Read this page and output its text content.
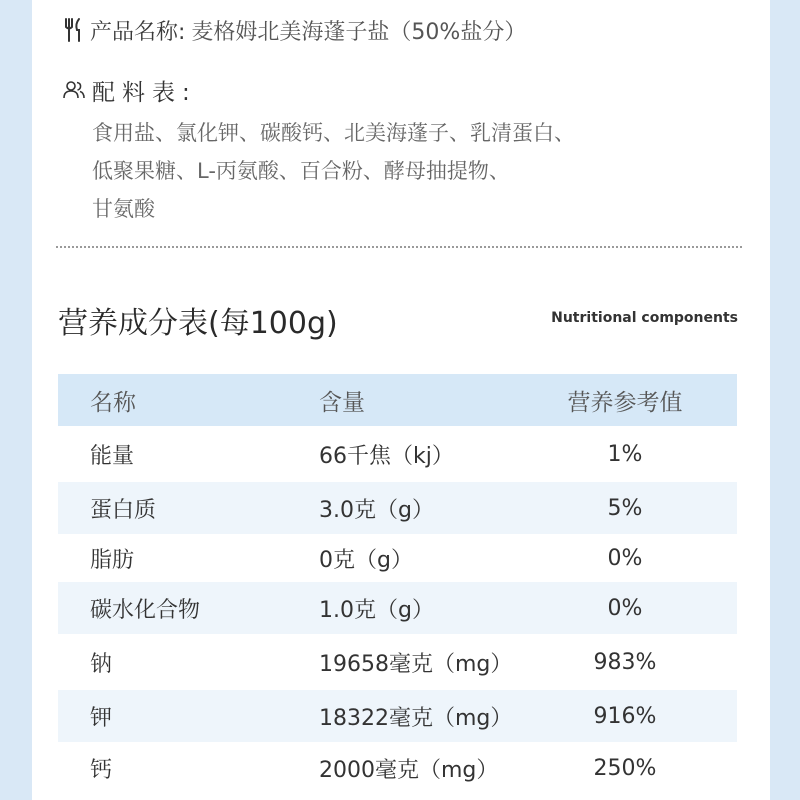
产品名称: 麦格姆北美海蓬子盐（50%盐分）
配料表:
食用盐、氯化钾、碳酸钙、北美海蓬子、乳清蛋白、
低聚果糖、L-丙氨酸、百合粉、酵母抽提物、
甘氨酸
营养成分表(每100g)	Nutritional components
名称	含量	营养参考值
能量	66千焦（kj）	1%
蛋白质	3.0克（g）	5%
脂肪	0克（g）	0%
碳水化合物	1.0克（g）	0%
钠	19658毫克（mg）	983%
钾	18322毫克（mg）	916%
钙	2000毫克（mg）	250%
